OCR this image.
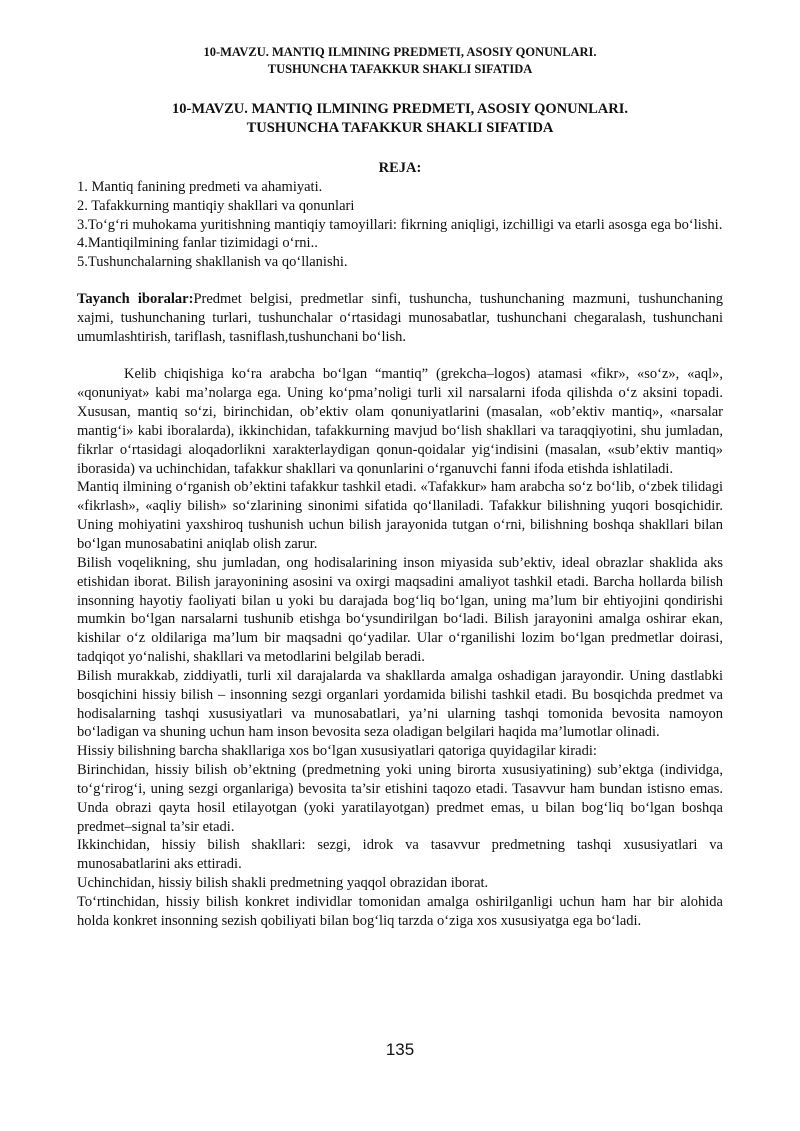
10-MAVZU. MANTIQ ILMINING PREDMETI, ASOSIY QONUNLARI.
TUSHUNCHA TAFAKKUR SHAKLI SIFATIDA
10-MAVZU. MANTIQ ILMINING PREDMETI, ASOSIY QONUNLARI.
TUSHUNCHA TAFAKKUR SHAKLI SIFATIDA
REJA:
1. Mantiq fanining predmeti va ahamiyati.
2. Tafakkurning mantiqiy shakllari va qonunlari
3.To‘g‘ri muhokama yuritishning mantiqiy tamoyillari: fikrning aniqligi, izchilligi va etarli asosga ega bo‘lishi.
4.Mantiqilmining fanlar tizimidagi o‘rni..
5.Tushunchalarning shakllanish va qo‘llanishi.

Tayanch iboralar:Predmet belgisi, predmetlar sinfi, tushuncha, tushunchaning mazmuni, tushunchaning xajmi, tushunchaning turlari, tushunchalar o‘rtasidagi munosabatlar, tushunchani chegaralash, tushunchani umumlashtirish, tariflash, tasniflash,tushunchani bo‘lish.

Kelib chiqishiga ko‘ra arabcha bo‘lgan “mantiq” (grekcha–logos) atamasi «fikr», «so‘z», «aql», «qonuniyat» kabi ma’nolarga ega. Uning ko‘pma’noligi turli xil narsalarni ifoda qilishda o‘z aksini topadi. Xususan, mantiq so‘zi, birinchidan, ob’ektiv olam qonuniyatlarini (masalan, «ob’ektiv mantiq», «narsalar mantig‘i» kabi iboralarda), ikkinchidan, tafakkurning mavjud bo‘lish shakllari va taraqqiyotini, shu jumladan, fikrlar o‘rtasidagi aloqadorlikni xarakterlaydigan qonun-qoidalar yig‘indisini (masalan, «sub’ektiv mantiq» iborasida) va uchinchidan, tafakkur shakllari va qonunlarini o‘rganuvchi fanni ifoda etishda ishlatiladi.

Mantiq ilmining o‘rganish ob’ektini tafakkur tashkil etadi. «Tafakkur» ham arabcha so‘z bo‘lib, o‘zbek tilidagi «fikrlash», «aqliy bilish» so‘zlarining sinonimi sifatida qo‘llaniladi. Tafakkur bilishning yuqori bosqichidir. Uning mohiyatini yaxshiroq tushunish uchun bilish jarayonida tutgan o‘rni, bilishning boshqa shakllari bilan bo‘lgan munosabatini aniqlab olish zarur.

Bilish voqelikning, shu jumladan, ong hodisalarining inson miyasida sub’ektiv, ideal obrazlar shaklida aks etishidan iborat. Bilish jarayonining asosini va oxirgi maqsadini amaliyot tashkil etadi. Barcha hollarda bilish insonning hayotiy faoliyati bilan u yoki bu darajada bog‘liq bo‘lgan, uning ma’lum bir ehtiyojini qondirishi mumkin bo‘lgan narsalarni tushunib etishga bo‘ysundirilgan bo‘ladi. Bilish jarayonini amalga oshirar ekan, kishilar o‘z oldilariga ma’lum bir maqsadni qo‘yadilar. Ular o‘rganilishi lozim bo‘lgan predmetlar doirasi, tadqiqot yo‘nalishi, shakllari va metodlarini belgilab beradi.

Bilish murakkab, ziddiyatli, turli xil darajalarda va shakllarda amalga oshadigan jarayondir. Uning dastlabki bosqichini hissiy bilish – insonning sezgi organlari yordamida bilishi tashkil etadi. Bu bosqichda predmet va hodisalarning tashqi xususiyatlari va munosabatlari, ya’ni ularning tashqi tomonida bevosita namoyon bo‘ladigan va shuning uchun ham inson bevosita seza oladigan belgilari haqida ma’lumotlar olinadi.

Hissiy bilishning barcha shakllariga xos bo‘lgan xususiyatlari qatoriga quyidagilar kiradi:

Birinchidan, hissiy bilish ob’ektning (predmetning yoki uning birorta xususiyatining) sub’ektga (individga, to‘g‘rirog‘i, uning sezgi organlariga) bevosita ta’sir etishini taqozo etadi. Tasavvur ham bundan istisno emas. Unda obrazi qayta hosil etilayotgan (yoki yaratilayotgan) predmet emas, u bilan bog‘liq bo‘lgan boshqa predmet–signal ta’sir etadi.

Ikkinchidan, hissiy bilish shakllari: sezgi, idrok va tasavvur predmetning tashqi xususiyatlari va munosabatlarini aks ettiradi.

Uchinchidan, hissiy bilish shakli predmetning yaqqol obrazidan iborat.

To‘rtinchidan, hissiy bilish konkret individlar tomonidan amalga oshirilganligi uchun ham har bir alohida holda konkret insonning sezish qobiliyati bilan bog‘liq tarzda o‘ziga xos xususiyatga ega bo‘ladi.

135
